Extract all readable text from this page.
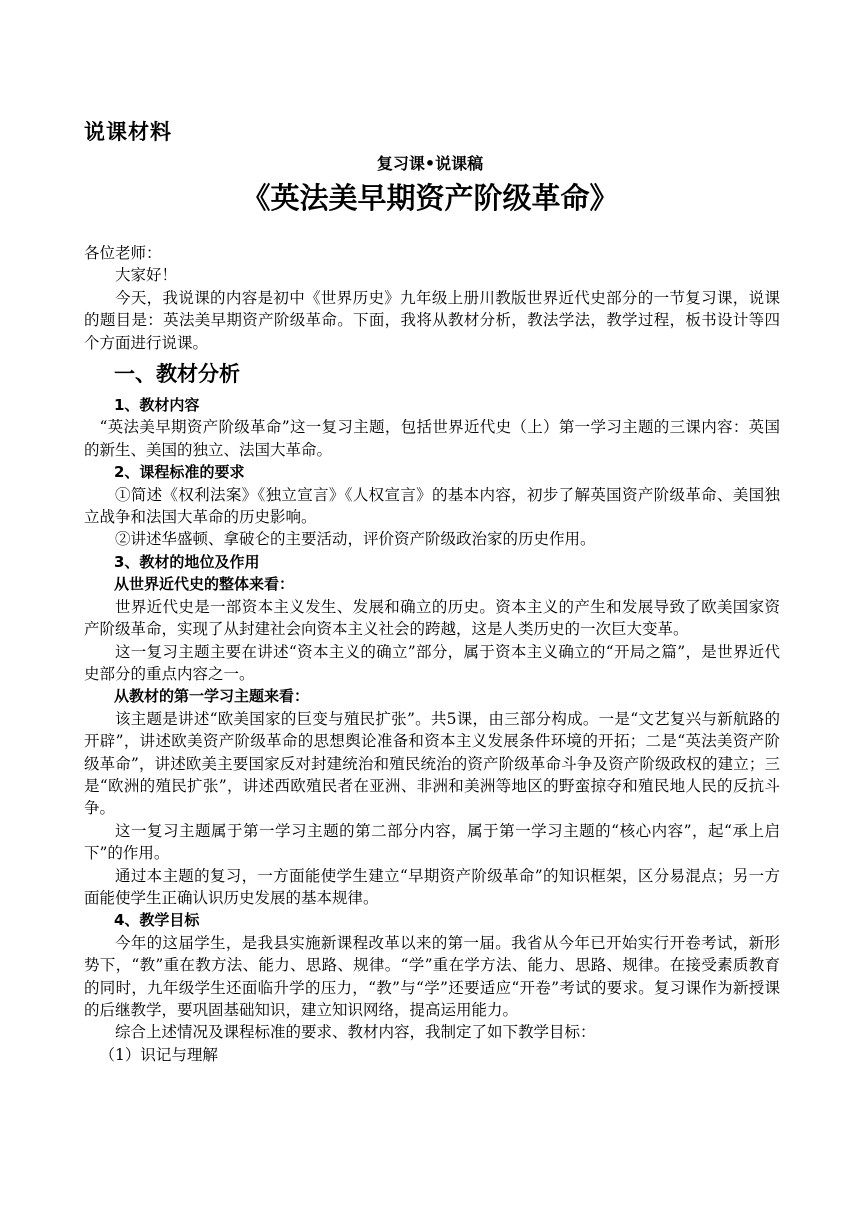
说课材料
复习课•说课稿
《英法美早期资产阶级革命》

各位老师：

大家好！

今天，我说课的内容是初中《世界历史》九年级上册川教版世界近代史部分的一节复习课，说课的题目是：英法美早期资产阶级革命。下面，我将从教材分析，教法学法，教学过程，板书设计等四个方面进行说课。

一、教材分析

1、教材内容

“英法美早期资产阶级革命”这一复习主题，包括世界近代史（上）第一学习主题的三课内容：英国的新生、美国的独立、法国大革命。

2、课程标准的要求

①简述《权利法案》《独立宣言》《人权宣言》的基本内容，初步了解英国资产阶级革命、美国独立战争和法国大革命的历史影响。

②讲述华盛顿、拿破仑的主要活动，评价资产阶级政治家的历史作用。

3、教材的地位及作用

从世界近代史的整体来看：

世界近代史是一部资本主义发生、发展和确立的历史。资本主义的产生和发展导致了欧美国家资产阶级革命，实现了从封建社会向资本主义社会的跨越，这是人类历史的一次巨大变革。

这一复习主题主要在讲述“资本主义的确立”部分，属于资本主义确立的“开局之篇”，是世界近代史部分的重点内容之一。

从教材的第一学习主题来看：

该主题是讲述“欧美国家的巨变与殖民扩张”。共5课，由三部分构成。一是“文艺复兴与新航路的开辟”，讲述欧美资产阶级革命的思想舆论准备和资本主义发展条件环境的开拓；二是“英法美资产阶级革命”，讲述欧美主要国家反对封建统治和殖民统治的资产阶级革命斗争及资产阶级政权的建立；三是“欧洲的殖民扩张”，讲述西欧殖民者在亚洲、非洲和美洲等地区的野蛮掠夺和殖民地人民的反抗斗争。

这一复习主题属于第一学习主题的第二部分内容，属于第一学习主题的“核心内容”，起“承上启下”的作用。

通过本主题的复习，一方面能使学生建立“早期资产阶级革命”的知识框架，区分易混点；另一方面能使学生正确认识历史发展的基本规律。

4、教学目标

今年的这届学生，是我县实施新课程改革以来的第一届。我省从今年已开始实行开卷考试，新形势下，“教”重在教方法、能力、思路、规律。“学”重在学方法、能力、思路、规律。在接受素质教育的同时，九年级学生还面临升学的压力，“教”与“学”还要适应“开卷”考试的要求。复习课作为新授课的后继教学，要巩固基础知识，建立知识网络，提高运用能力。

综合上述情况及课程标准的要求、教材内容，我制定了如下教学目标：

（1）识记与理解
